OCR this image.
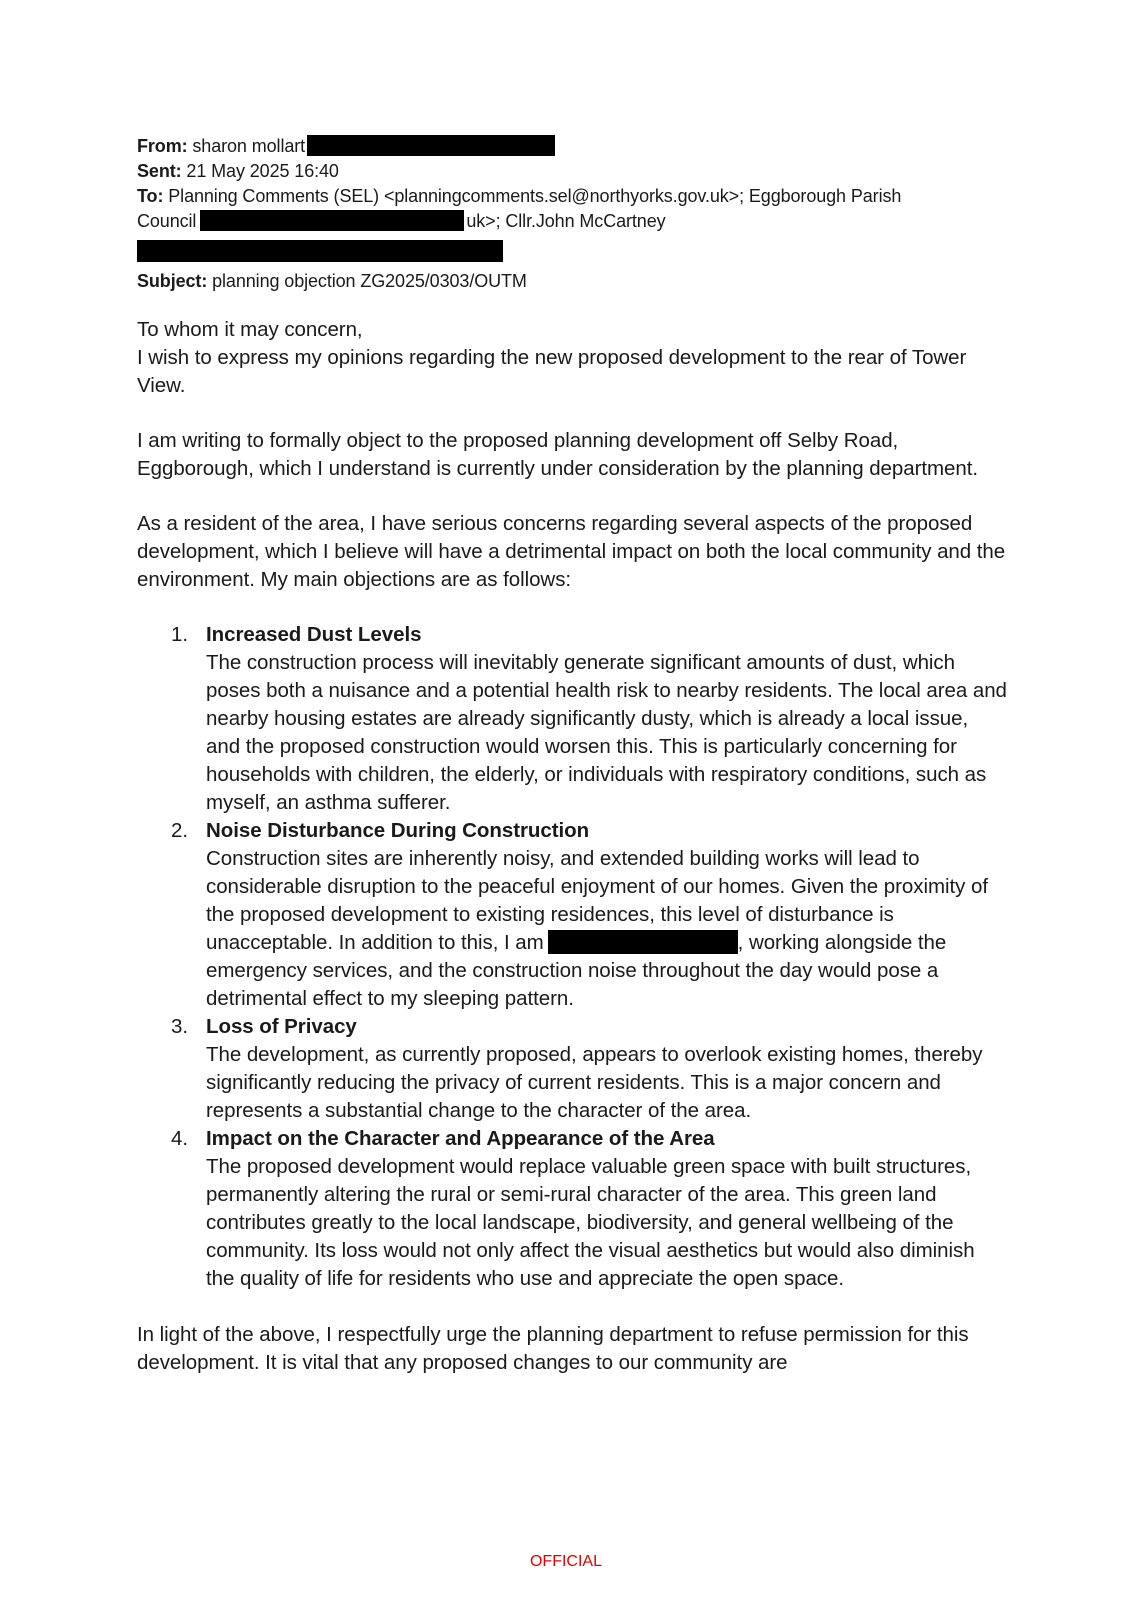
From: sharon mollart
Sent: 21 May 2025 16:40
To: Planning Comments (SEL) <planningcomments.sel@northyorks.gov.uk>; Eggborough Parish
Council	uk>; Cllr.John McCartney
Subject: planning objection ZG2025/0303/OUTM

To whom it may concern,

I wish to express my opinions regarding the new proposed development to the rear of Tower View.

I am writing to formally object to the proposed planning development off Selby Road, Eggborough, which I understand is currently under consideration by the planning department.

As a resident of the area, I have serious concerns regarding several aspects of the proposed development, which I believe will have a detrimental impact on both the local community and the environment. My main objections are as follows:

1. Increased Dust Levels
The construction process will inevitably generate significant amounts of dust, which poses both a nuisance and a potential health risk to nearby residents. The local area and nearby housing estates are already significantly dusty, which is already a local issue, and the proposed construction would worsen this. This is particularly concerning for households with children, the elderly, or individuals with respiratory conditions, such as myself, an asthma sufferer.
2. Noise Disturbance During Construction
Construction sites are inherently noisy, and extended building works will lead to considerable disruption to the peaceful enjoyment of our homes. Given the proximity of the proposed development to existing residences, this level of disturbance is unacceptable. In addition to this, I am	, working alongside the emergency services, and the construction noise throughout the day would pose a detrimental effect to my sleeping pattern.
3. Loss of Privacy
The development, as currently proposed, appears to overlook existing homes, thereby significantly reducing the privacy of current residents. This is a major concern and represents a substantial change to the character of the area.
4. Impact on the Character and Appearance of the Area
The proposed development would replace valuable green space with built structures, permanently altering the rural or semi-rural character of the area. This green land contributes greatly to the local landscape, biodiversity, and general wellbeing of the community. Its loss would not only affect the visual aesthetics but would also diminish the quality of life for residents who use and appreciate the open space.

In light of the above, I respectfully urge the planning department to refuse permission for this development. It is vital that any proposed changes to our community are

OFFICIAL
